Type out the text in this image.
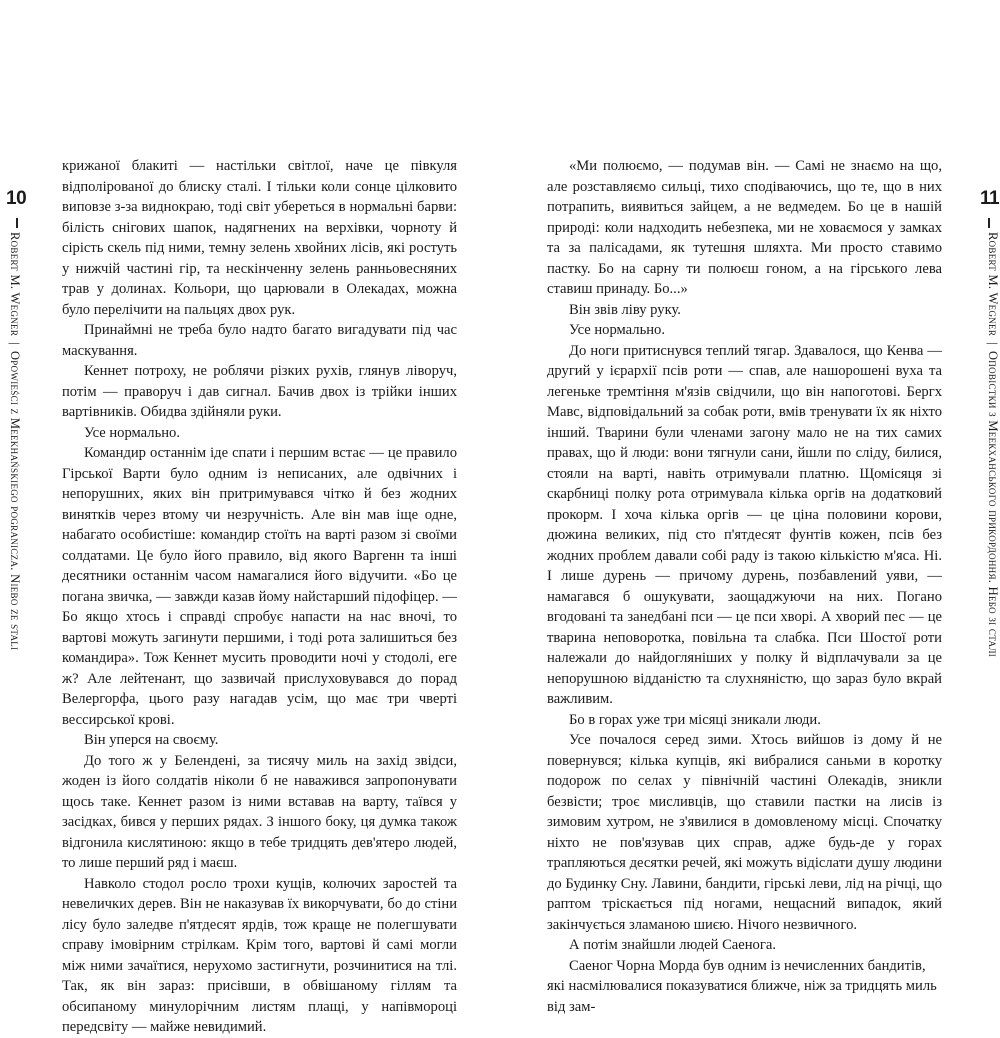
10
Robert M. Wegner|Opowieści z Meekhańskiego pogranicza. Niebo ze stali

крижаної блакиті — настільки світлої, наче це півкуля відполірованої до блиску сталі. І тільки коли сонце цілковито виповзе з-за виднокраю, тоді світ убереться в нормальні барви: білість снігових шапок, надягнених на верхівки, чорноту й сірість скель під ними, темну зелень хвойних лісів, які ростуть у нижчій частині гір, та нескінченну зелень ранньовесняних трав у долинах. Кольори, що царювали в Олекадах, можна було перелічити на пальцях двох рук.

Принаймні не треба було надто багато вигадувати під час маскування.

Кеннет потроху, не роблячи різких рухів, глянув ліворуч, потім — праворуч і дав сигнал. Бачив двох із трійки інших вартівників. Обидва здійняли руки.

Усе нормально.

Командир останнім іде спати і першим встає — це правило Гірської Варти було одним із неписаних, але одвічних і непорушних, яких він притримувався чітко й без жодних винятків через втому чи незручність. Але він мав іще одне, набагато особистіше: командир стоїть на варті разом зі своїми солдатами. Це було його правило, від якого Варгенн та інші десятники останнім часом намагалися його відучити. «Бо це погана звичка, — завжди казав йому найстарший підофіцер. — Бо якщо хтось і справді спробує напасти на нас вночі, то вартові можуть загинути першими, і тоді рота залишиться без командира». Тож Кеннет мусить проводити ночі у стодолі, еге ж? Але лейтенант, що зазвичай прислуховувався до порад Велергорфа, цього разу нагадав усім, що має три чверті вессирської крові.

Він уперся на своєму.

До того ж у Белендені, за тисячу миль на захід звідси, жоден із його солдатів ніколи б не наважився запропонувати щось таке. Кеннет разом із ними вставав на варту, таївся у засідках, бився у перших рядах. З іншого боку, ця думка також відгонила кислятиною: якщо в тебе тридцять дев'ятеро людей, то лише перший ряд і маєш.

Навколо стодол росло трохи кущів, колючих заростей та невеличких дерев. Він не наказував їх викорчувати, бо до стіни лісу було заледве п'ятдесят ярдів, тож краще не полегшувати справу імовірним стрілкам. Крім того, вартові й самі могли між ними зачаїтися, нерухомо застигнути, розчинитися на тлі. Так, як він зараз: присівши, в обвішаному гіллям та обсипаному минулорічним листям плащі, у напівмороці передсвіту — майже невидимий.

«Ми полюємо, — подумав він. — Самі не знаємо на що, але розставляємо сильці, тихо сподіваючись, що те, що в них потрапить, виявиться зайцем, а не ведмедем. Бо це в нашій природі: коли надходить небезпека, ми не ховаємося у замках та за палісадами, як тутешня шляхта. Ми просто ставимо пастку. Бо на сарну ти полюєш гоном, а на гірського лева ставиш принаду. Бо...»

Він звів ліву руку.

Усе нормально.

До ноги притиснувся теплий тягар. Здавалося, що Кенва — другий у ієрархії псів роти — спав, але нашорошені вуха та легеньке тремтіння м'язів свідчили, що він напоготові. Бергх Мавс, відповідальний за собак роти, вмів тренувати їх як ніхто інший. Тварини були членами загону мало не на тих самих правах, що й люди: вони тягнули сани, йшли по сліду, билися, стояли на варті, навіть отримували платню. Щомісяця зі скарбниці полку рота отримувала кілька оргів на додатковий прокорм. І хоча кілька оргів — це ціна половини корови, дюжина великих, під сто п'ятдесят фунтів кожен, псів без жодних проблем давали собі раду із такою кількістю м'яса. Ні. І лише дурень — причому дурень, позбавлений уяви, — намагався б ошукувати, заощаджуючи на них. Погано вгодовані та занедбані пси — це пси хворі. А хворий пес — це тварина неповоротка, повільна та слабка. Пси Шостої роти належали до найдогляніших у полку й відплачували за це непорушною відданістю та слухняністю, що зараз було вкрай важливим.

Бо в горах уже три місяці зникали люди.

Усе почалося серед зими. Хтось вийшов із дому й не повернувся; кілька купців, які вибралися саньми в коротку подорож по селах у північній частині Олекадів, зникли безвісти; троє мисливців, що ставили пастки на лисів із зимовим хутром, не з'явилися в домовленому місці. Спочатку ніхто не пов'язував цих справ, адже будь-де у горах трапляються десятки речей, які можуть відіслати душу людини до Будинку Сну. Лавини, бандити, гірські леви, лід на річці, що раптом тріскається під ногами, нещасний випадок, який закінчується зламаною шиєю. Нічого незвичного.

А потім знайшли людей Саенога.

Саеног Чорна Морда був одним із нечисленних бандитів, які насмілювалися показуватися ближче, ніж за тридцять миль від зам-

11
Robert M. Wegner|Оповістки з Меекханського прикордоння. Небо зі сталі
